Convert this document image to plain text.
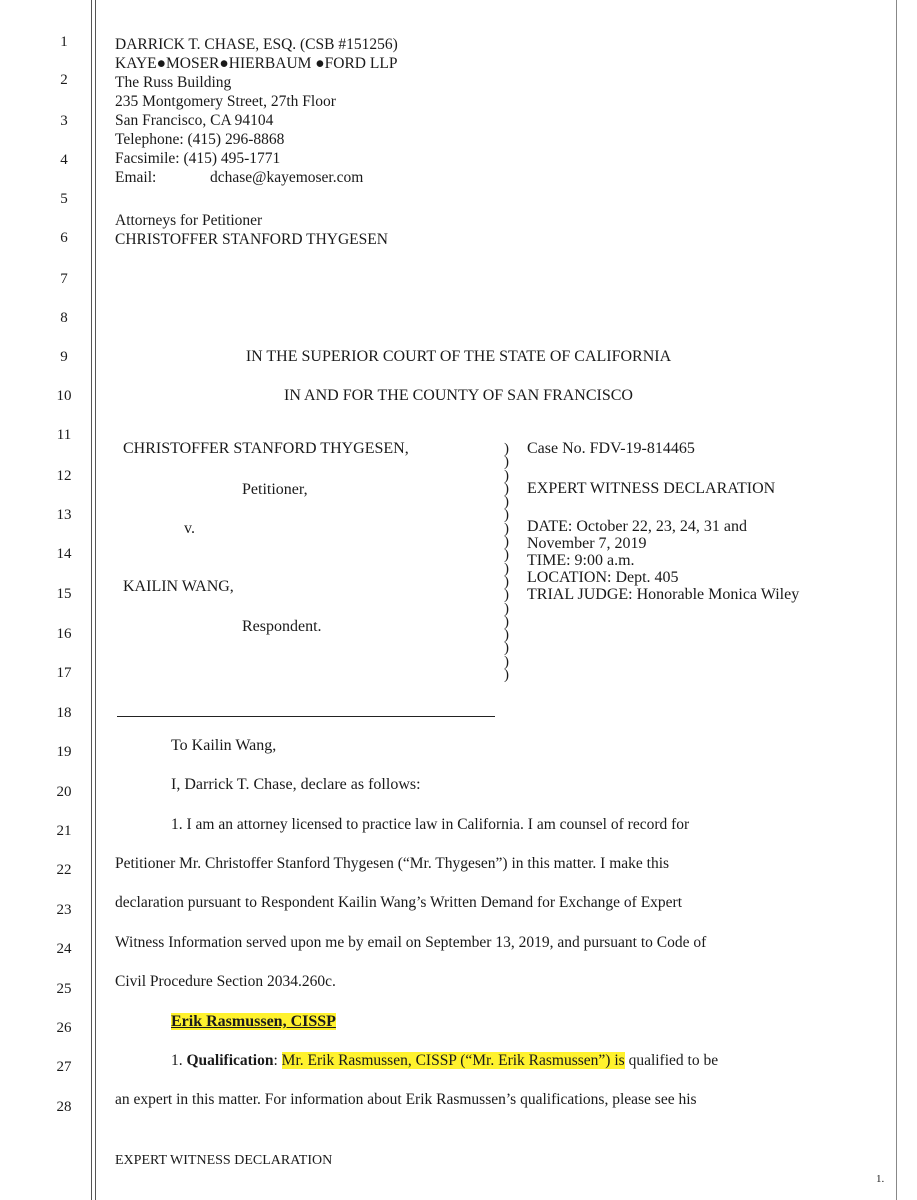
1
2
3
4
5
6
7
8
9
10
11
12
13
14
15
16
17
18
19
20
21
22
23
24
25
26
27
28
DARRICK T. CHASE, ESQ. (CSB #151256)
KAYE●MOSER●HIERBAUM ●FORD LLP
The Russ Building
235 Montgomery Street, 27th Floor
San Francisco, CA 94104
Telephone: (415) 296-8868
Facsimile: (415) 495-1771
Email:	dchase@kayemoser.com
Attorneys for Petitioner
CHRISTOFFER STANFORD THYGESEN
IN THE SUPERIOR COURT OF THE STATE OF CALIFORNIA
IN AND FOR THE COUNTY OF SAN FRANCISCO
CHRISTOFFER STANFORD THYGESEN,
Petitioner,
v.
KAILIN WANG,
Respondent.
)
)
)
)
)
)
)
)
)
)
)
)
)
)
)
)
)
)
Case No. FDV-19-814465
EXPERT WITNESS DECLARATION
DATE: October 22, 23, 24, 31 and
November 7, 2019
TIME: 9:00 a.m.
LOCATION: Dept. 405
TRIAL JUDGE: Honorable Monica Wiley
To Kailin Wang,
I, Darrick T. Chase, declare as follows:
1. I am an attorney licensed to practice law in California. I am counsel of record for
Petitioner Mr. Christoffer Stanford Thygesen (“Mr. Thygesen”) in this matter. I make this
declaration pursuant to Respondent Kailin Wang’s Written Demand for Exchange of Expert
Witness Information served upon me by email on September 13, 2019, and pursuant to Code of
Civil Procedure Section 2034.260c.
Erik Rasmussen, CISSP
1. Qualification: Mr. Erik Rasmussen, CISSP (“Mr. Erik Rasmussen”) is qualified to be
an expert in this matter. For information about Erik Rasmussen’s qualifications, please see his
EXPERT WITNESS DECLARATION
1.
